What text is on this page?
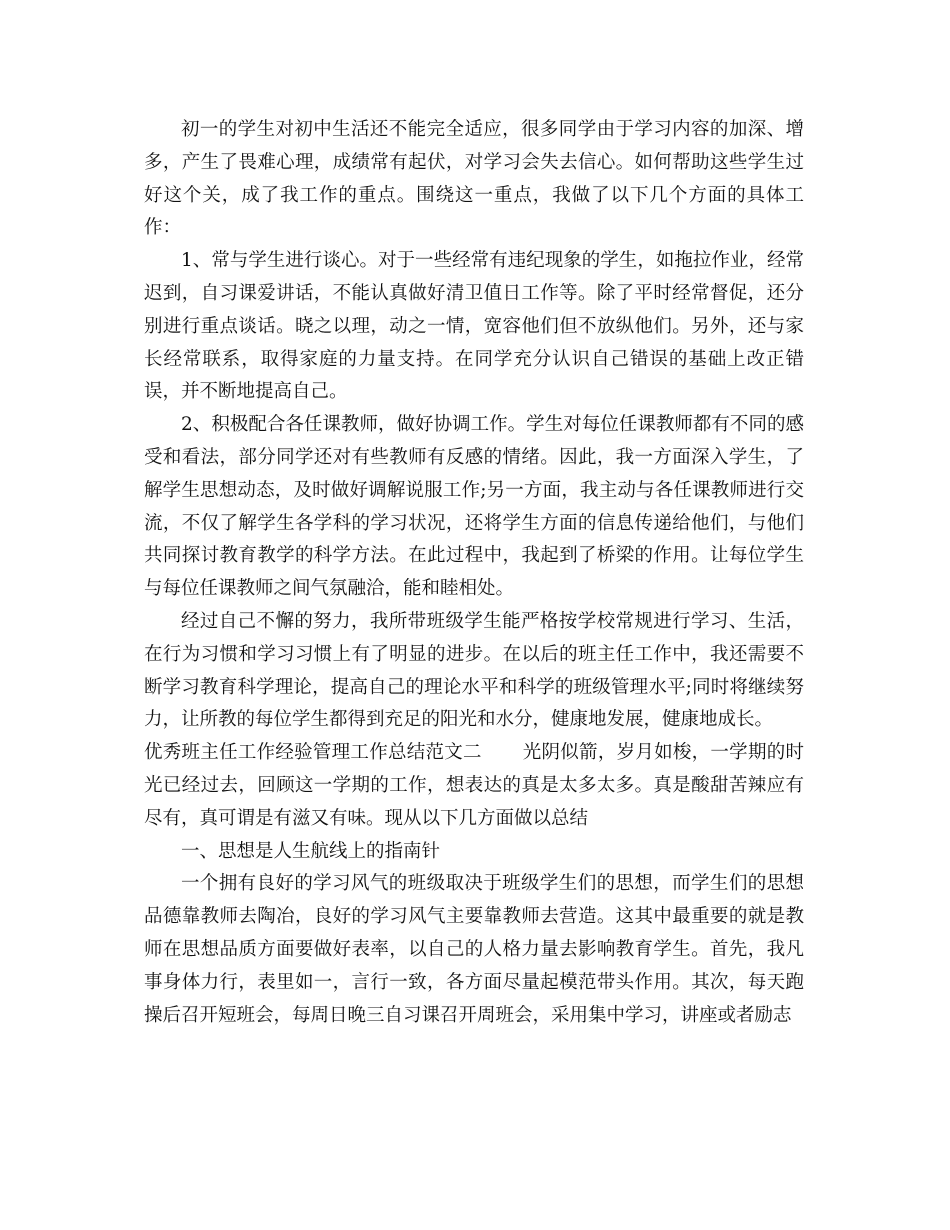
初一的学生对初中生活还不能完全适应，很多同学由于学习内容的加深、增多，产生了畏难心理，成绩常有起伏，对学习会失去信心。如何帮助这些学生过好这个关，成了我工作的重点。围绕这一重点，我做了以下几个方面的具体工作：

1、常与学生进行谈心。对于一些经常有违纪现象的学生，如拖拉作业，经常迟到，自习课爱讲话，不能认真做好清卫值日工作等。除了平时经常督促，还分别进行重点谈话。晓之以理，动之一情，宽容他们但不放纵他们。另外，还与家长经常联系，取得家庭的力量支持。在同学充分认识自己错误的基础上改正错误，并不断地提高自己。

2、积极配合各任课教师，做好协调工作。学生对每位任课教师都有不同的感受和看法，部分同学还对有些教师有反感的情绪。因此，我一方面深入学生，了解学生思想动态，及时做好调解说服工作;另一方面，我主动与各任课教师进行交流，不仅了解学生各学科的学习状况，还将学生方面的信息传递给他们，与他们共同探讨教育教学的科学方法。在此过程中，我起到了桥梁的作用。让每位学生与每位任课教师之间气氛融洽，能和睦相处。

经过自己不懈的努力，我所带班级学生能严格按学校常规进行学习、生活，在行为习惯和学习习惯上有了明显的进步。在以后的班主任工作中，我还需要不断学习教育科学理论，提高自己的理论水平和科学的班级管理水平;同时将继续努力，让所教的每位学生都得到充足的阳光和水分，健康地发展，健康地成长。

优秀班主任工作经验管理工作总结范文二 光阴似箭，岁月如梭，一学期的时光已经过去，回顾这一学期的工作，想表达的真是太多太多。真是酸甜苦辣应有尽有，真可谓是有滋又有味。现从以下几方面做以总结

一、思想是人生航线上的指南针

一个拥有良好的学习风气的班级取决于班级学生们的思想，而学生们的思想品德靠教师去陶冶，良好的学习风气主要靠教师去营造。这其中最重要的就是教师在思想品质方面要做好表率，以自己的人格力量去影响教育学生。首先，我凡事身体力行，表里如一，言行一致，各方面尽量起模范带头作用。其次，每天跑操后召开短班会，每周日晚三自习课召开周班会，采用集中学习，讲座或者励志
